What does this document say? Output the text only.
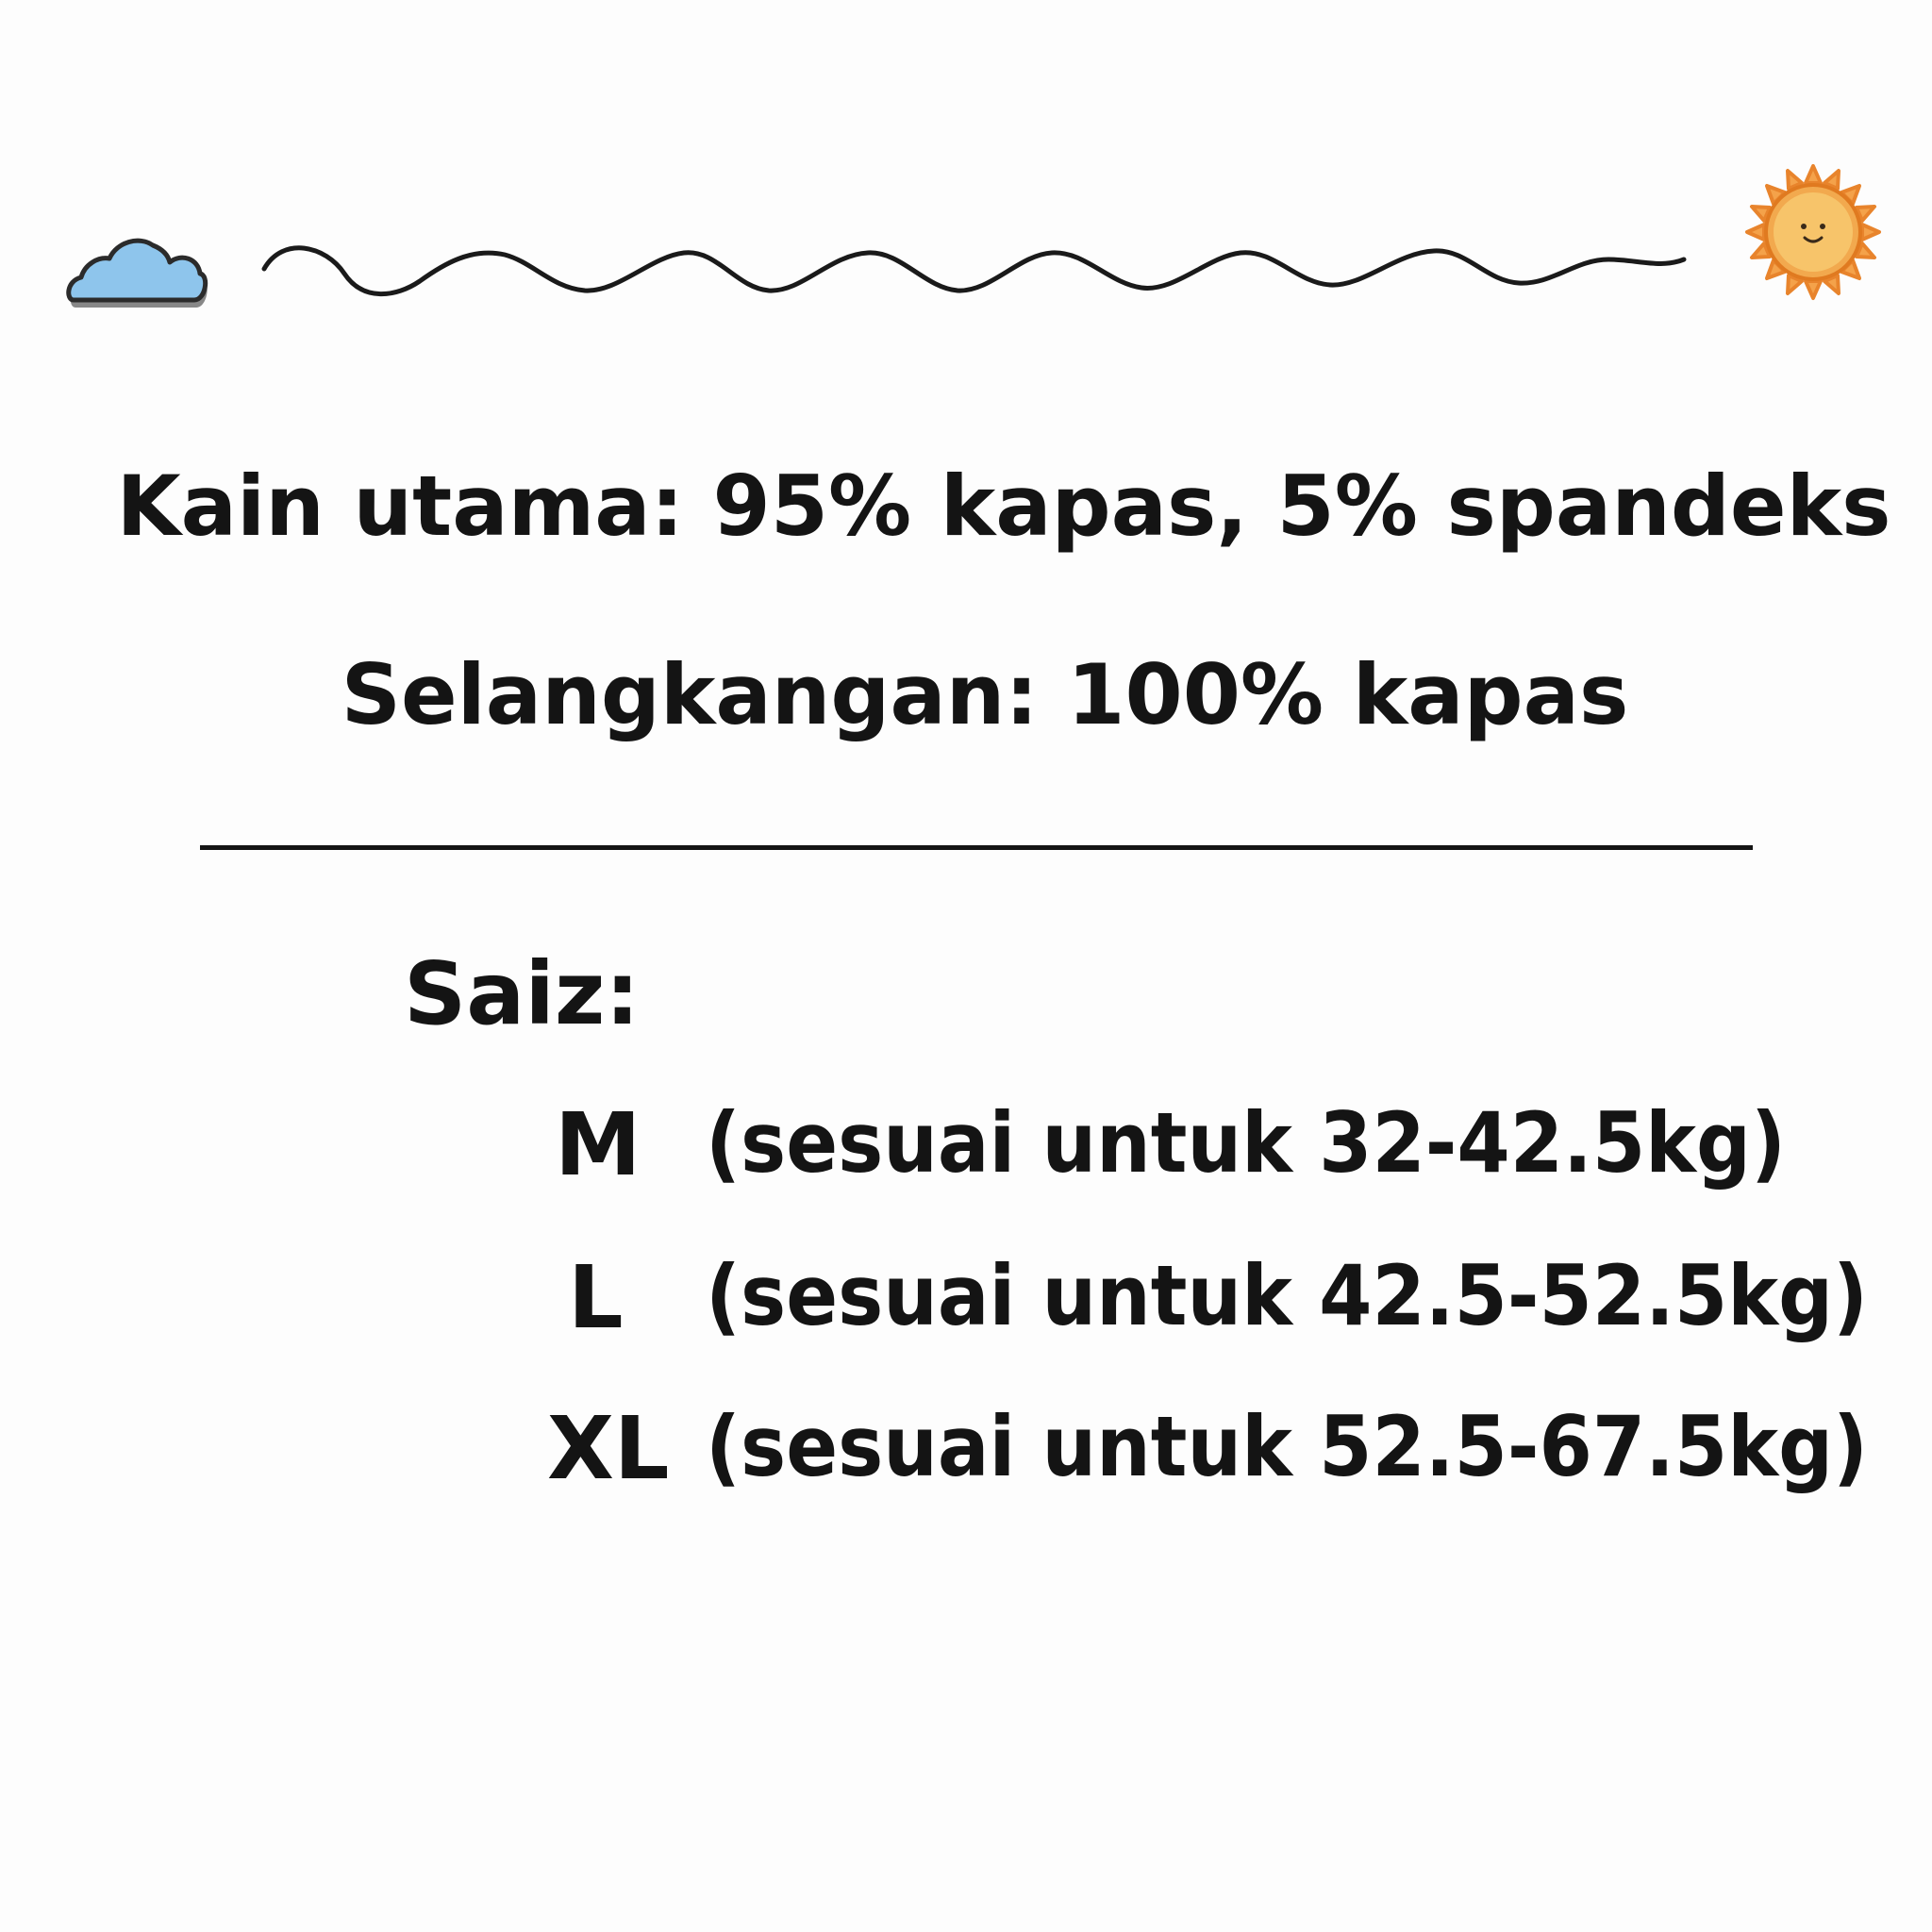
Kain utama: 95% kapas, 5% spandeks
Selangkangan: 100% kapas
Saiz:
M (sesuai untuk 32-42.5kg)
L (sesuai untuk 42.5-52.5kg)
XL (sesuai untuk 52.5-67.5kg)
